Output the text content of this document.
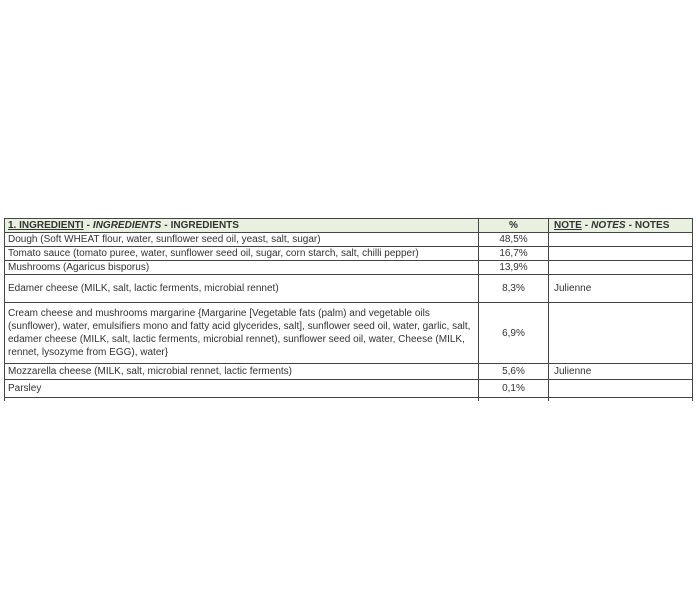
1. INGREDIENTI - INGREDIENTS - INGREDIENTS	%	NOTE - NOTES - NOTES
Dough (Soft WHEAT flour, water, sunflower seed oil, yeast, salt, sugar)	48,5%	
Tomato sauce (tomato puree, water, sunflower seed oil, sugar, corn starch, salt, chilli pepper)	16,7%	
Mushrooms (Agaricus bisporus)	13,9%	
Edamer cheese (MILK, salt, lactic ferments, microbial rennet)	8,3%	Julienne
Cream cheese and mushrooms margarine {Margarine [Vegetable fats (palm) and vegetable oils (sunflower), water, emulsifiers mono and fatty acid glycerides, salt], sunflower seed oil, water, garlic, salt, edamer cheese (MILK, salt, lactic ferments, microbial rennet), sunflower seed oil, water, Cheese (MILK, rennet, lysozyme from EGG), water}	6,9%	
Mozzarella cheese (MILK, salt, microbial rennet, lactic ferments)	5,6%	Julienne
Parsley	0,1%	
